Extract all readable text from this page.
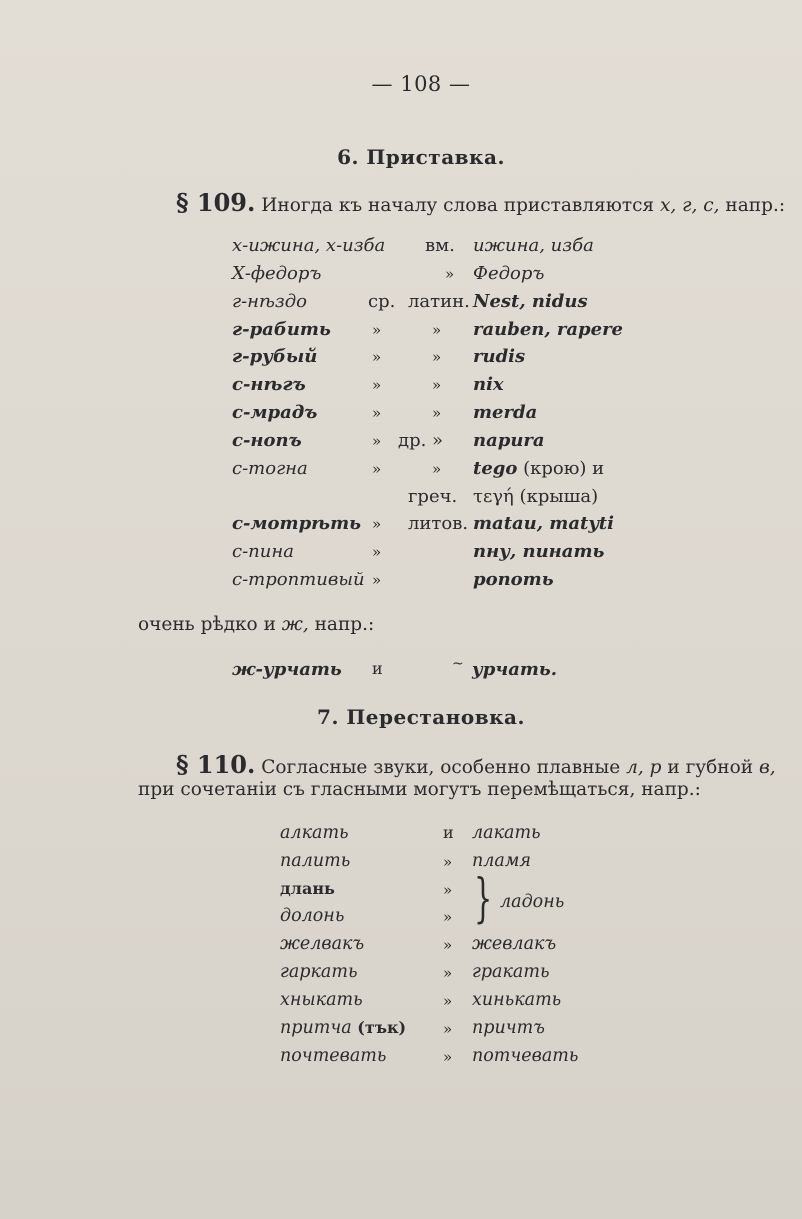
— 108 —
6. Приставка.
§ 109. Иногда къ началу слова приставляются х, г, с, напр.:
х-ижина, х-изба вм. ижина, изба
Х-федоръ	» Федоръ
г-нѣздо	ср. латин. Nest, nidus
г-рабить	»	» rauben, rapere
г-рубый	»	» rudis
с-нѣгъ	»	» nix
с-мрадъ	»	» merda
с-нопъ	» др. » napura
с-тогна	»	» tego (крою) и
греч. τεγή (крыша)
с-мотрѣть » литов. matau, matyti
с-пина	»	пну, пинать
с-троптивый »	ропоть
очень рѣдко и ж, напр.:
ж-урчать и	~ урчать.
7. Перестановка.
§ 110. Согласные звуки, особенно плавные л, р и губной в,
при сочетаніи съ гласными могутъ перемѣщаться, напр.:
алкать	и лакать
палить	» пламя
длань	»
долонь	» } ладонь
желвакъ	» жевлакъ
гаркать	» гракать
хныкать	» хинькать
притча (тък) » причтъ
почтевать	» потчевать
